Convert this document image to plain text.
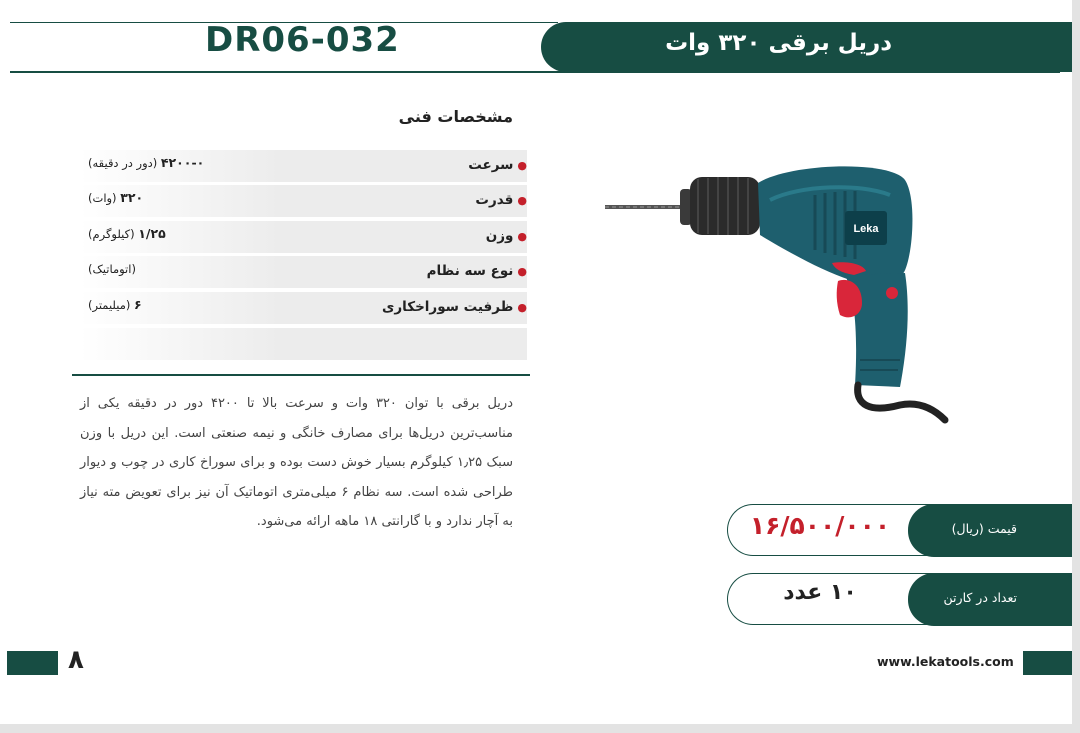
دریل برقی ۳۲۰ وات
DR06-032
مشخصات فنی
●سرعت
۴۲۰۰-۰ (دور در دقیقه)
●قدرت
۳۲۰ (وات)
●وزن
۱/۲۵ (کیلوگرم)
●نوع سه نظام
(اتوماتیک)
●ظرفیت سوراخکاری
۶ (میلیمتر)
دریل برقی با توان ۳۲۰ وات و سرعت بالا تا ۴۲۰۰ دور در دقیقه یکی از مناسب‌ترین دریل‌ها برای مصارف خانگی و نیمه صنعتی است. این دریل با وزن سبک ۱٫۲۵ کیلوگرم بسیار خوش دست بوده و برای سوراخ کاری در چوب و دیوار طراحی شده است. سه نظام ۶ میلی‌متری اتوماتیک آن نیز برای تعویض مته نیاز به آچار ندارد و با گارانتی ۱۸ ماهه ارائه می‌شود.
Leka
قیمت (ریال)
۱۶/۵۰۰/۰۰۰
تعداد در کارتن
۱۰ عدد
۸	www.lekatools.com
